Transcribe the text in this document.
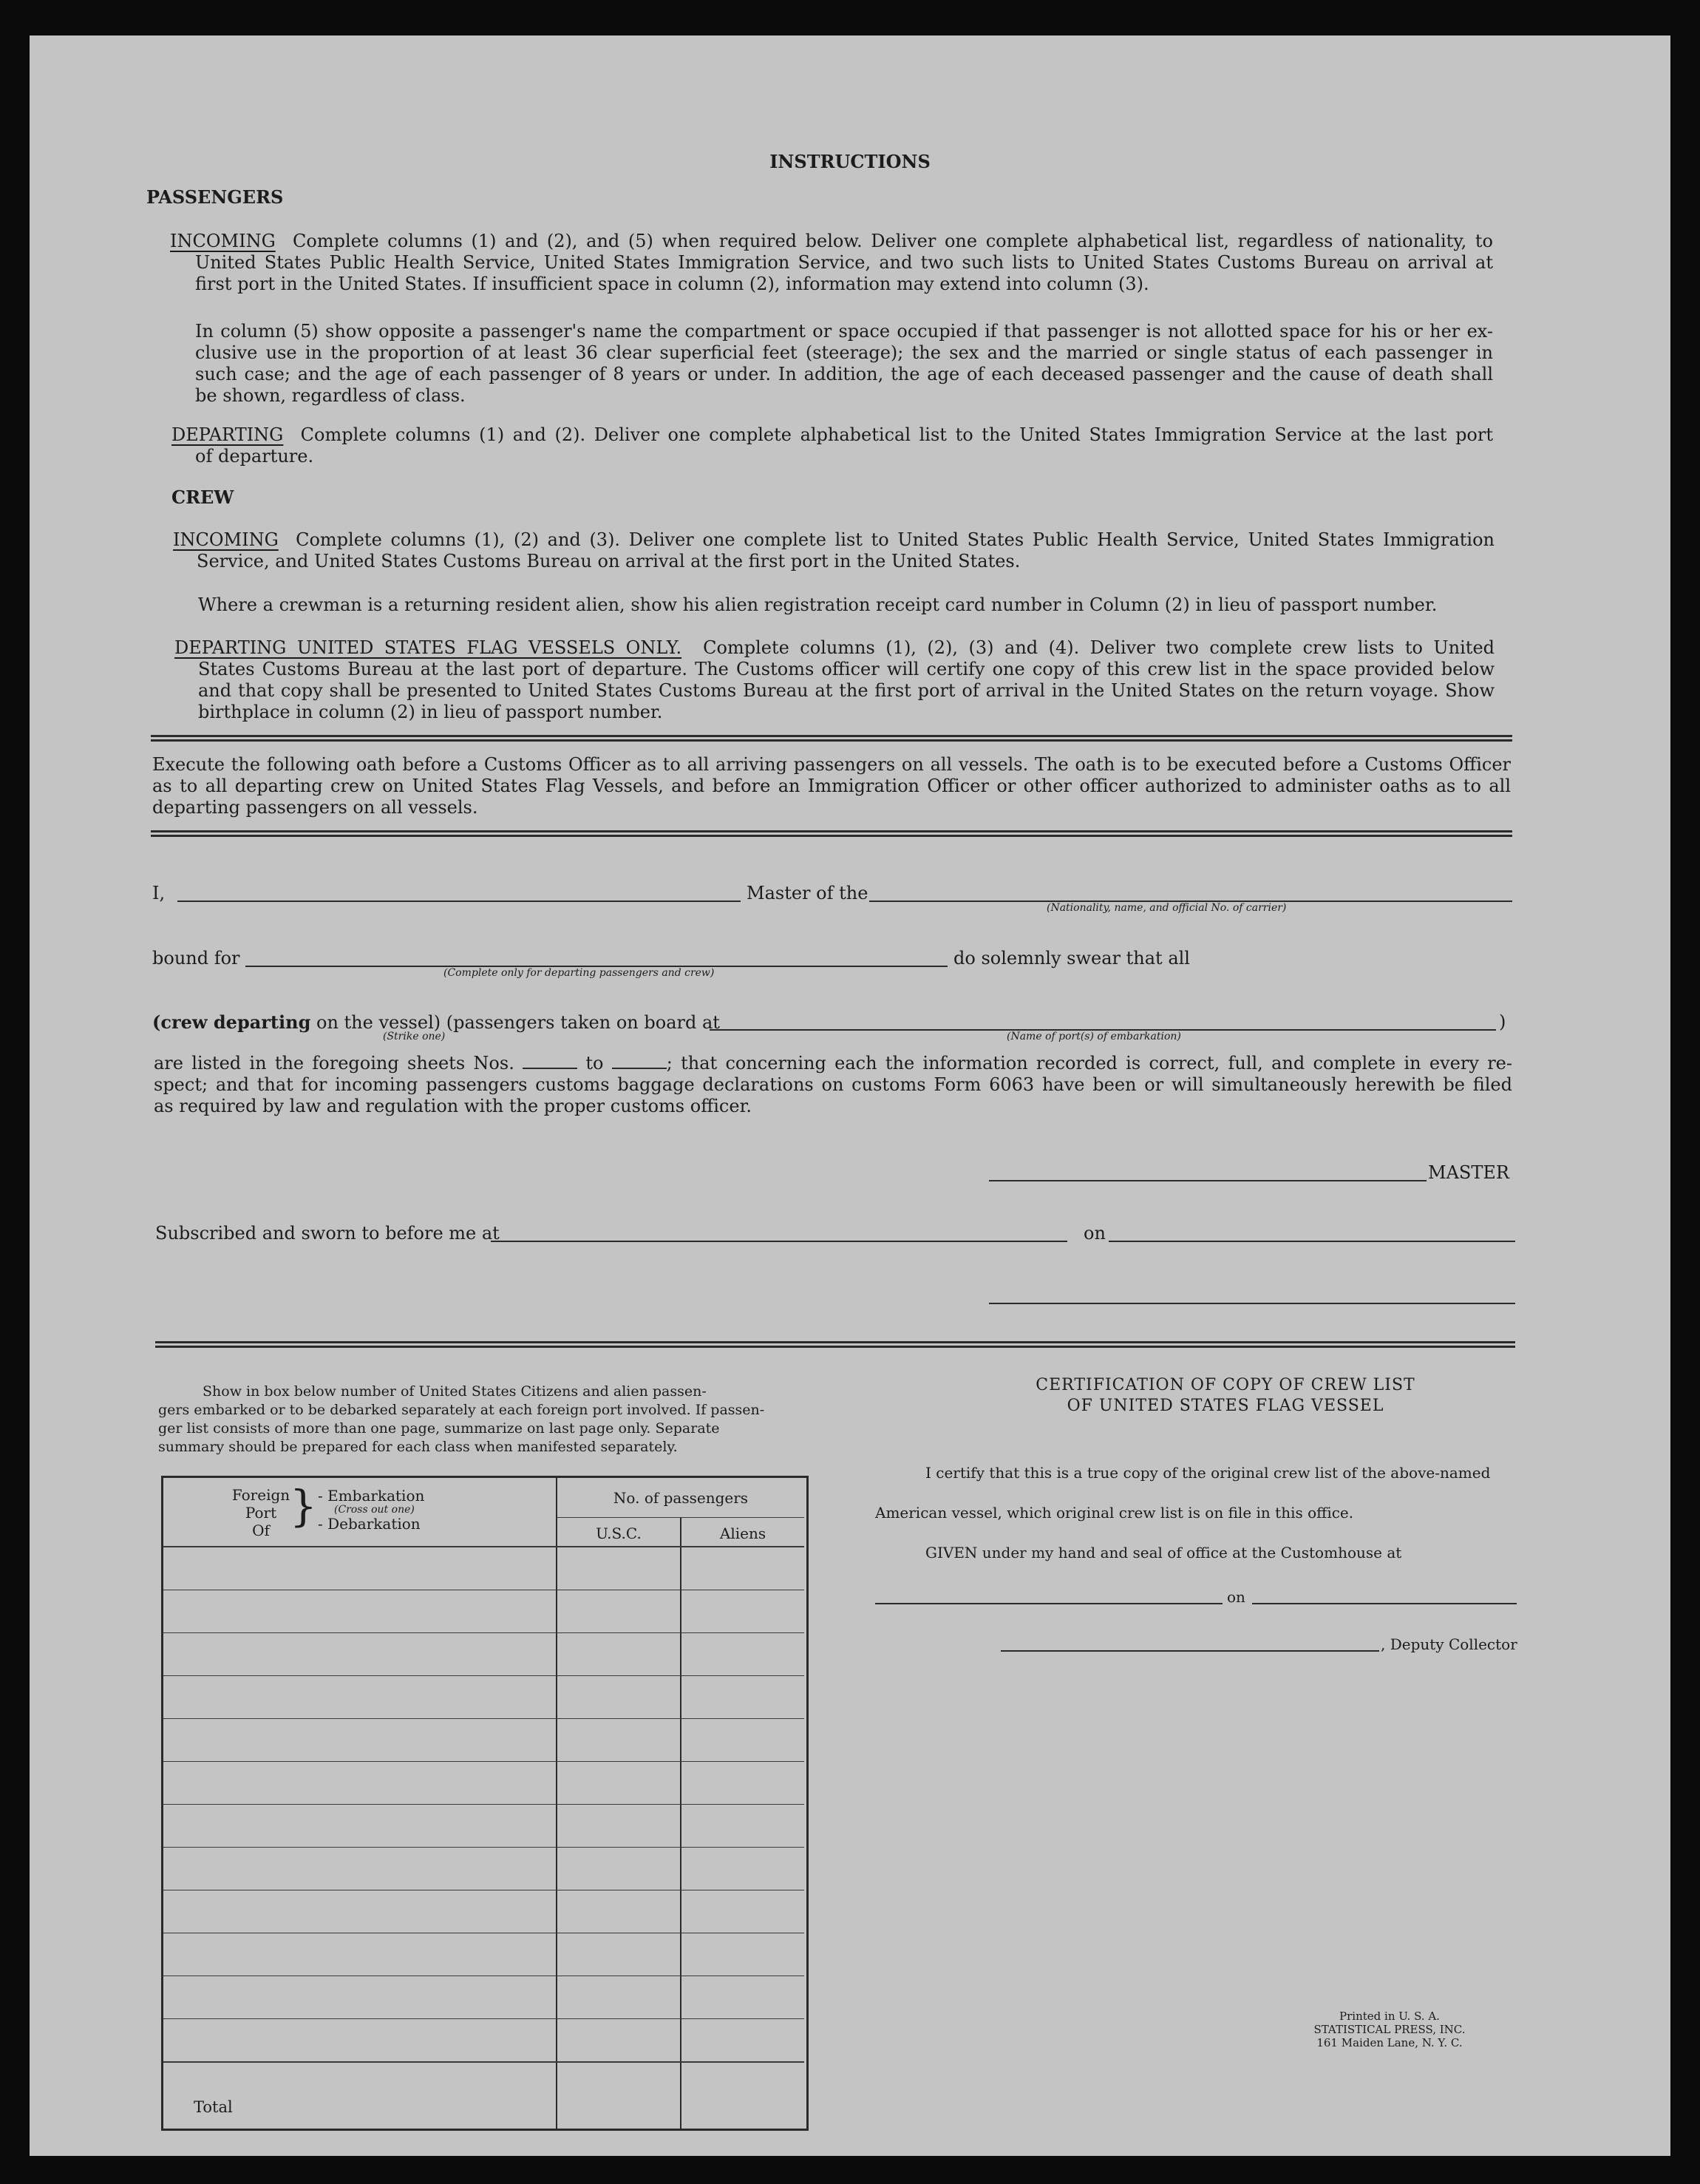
INSTRUCTIONS
PASSENGERS
INCOMING Complete columns (1) and (2), and (5) when required below. Deliver one complete alphabetical list, regardless of nationality, to
United States Public Health Service, United States Immigration Service, and two such lists to United States Customs Bureau on arrival at
first port in the United States. If insufficient space in column (2), information may extend into column (3).
In column (5) show opposite a passenger's name the compartment or space occupied if that passenger is not allotted space for his or her ex-
clusive use in the proportion of at least 36 clear superficial feet (steerage); the sex and the married or single status of each passenger in
such case; and the age of each passenger of 8 years or under. In addition, the age of each deceased passenger and the cause of death shall
be shown, regardless of class.
DEPARTING Complete columns (1) and (2). Deliver one complete alphabetical list to the United States Immigration Service at the last port
of departure.
CREW
INCOMING Complete columns (1), (2) and (3). Deliver one complete list to United States Public Health Service, United States Immigration
Service, and United States Customs Bureau on arrival at the first port in the United States.
Where a crewman is a returning resident alien, show his alien registration receipt card number in Column (2) in lieu of passport number.
DEPARTING UNITED STATES FLAG VESSELS ONLY. Complete columns (1), (2), (3) and (4). Deliver two complete crew lists to United
States Customs Bureau at the last port of departure. The Customs officer will certify one copy of this crew list in the space provided below
and that copy shall be presented to United States Customs Bureau at the first port of arrival in the United States on the return voyage. Show
birthplace in column (2) in lieu of passport number.
Execute the following oath before a Customs Officer as to all arriving passengers on all vessels. The oath is to be executed before a Customs Officer
as to all departing crew on United States Flag Vessels, and before an Immigration Officer or other officer authorized to administer oaths as to all
departing passengers on all vessels.
I,	Master of the
(Nationality, name, and official No. of carrier)
bound for
(Complete only for departing passengers and crew)
do solemnly swear that all
(crew departing on the vessel) (passengers taken on board at	)
(Strike one)	(Name of port(s) of embarkation)
are listed in the foregoing sheets Nos.	to	; that concerning each the information recorded is correct, full, and complete in every re-
spect; and that for incoming passengers customs baggage declarations on customs Form 6063 have been or will simultaneously herewith be filed
as required by law and regulation with the proper customs officer.
MASTER
Subscribed and sworn to before me at	on
Show in box below number of United States Citizens and alien passen-
gers embarked or to be debarked separately at each foreign port involved. If passen-
ger list consists of more than one page, summarize on last page only. Separate
summary should be prepared for each class when manifested separately.
Foreign
Port
Of } - Embarkation
(Cross out one)
- Debarkation
No. of passengers
U.S.C.	Aliens
Total
CERTIFICATION OF COPY OF CREW LIST
OF UNITED STATES FLAG VESSEL
I certify that this is a true copy of the original crew list of the above-named
American vessel, which original crew list is on file in this office.
GIVEN under my hand and seal of office at the Customhouse at
on
, Deputy Collector
Printed in U. S. A.
STATISTICAL PRESS, INC.
161 Maiden Lane, N. Y. C.
